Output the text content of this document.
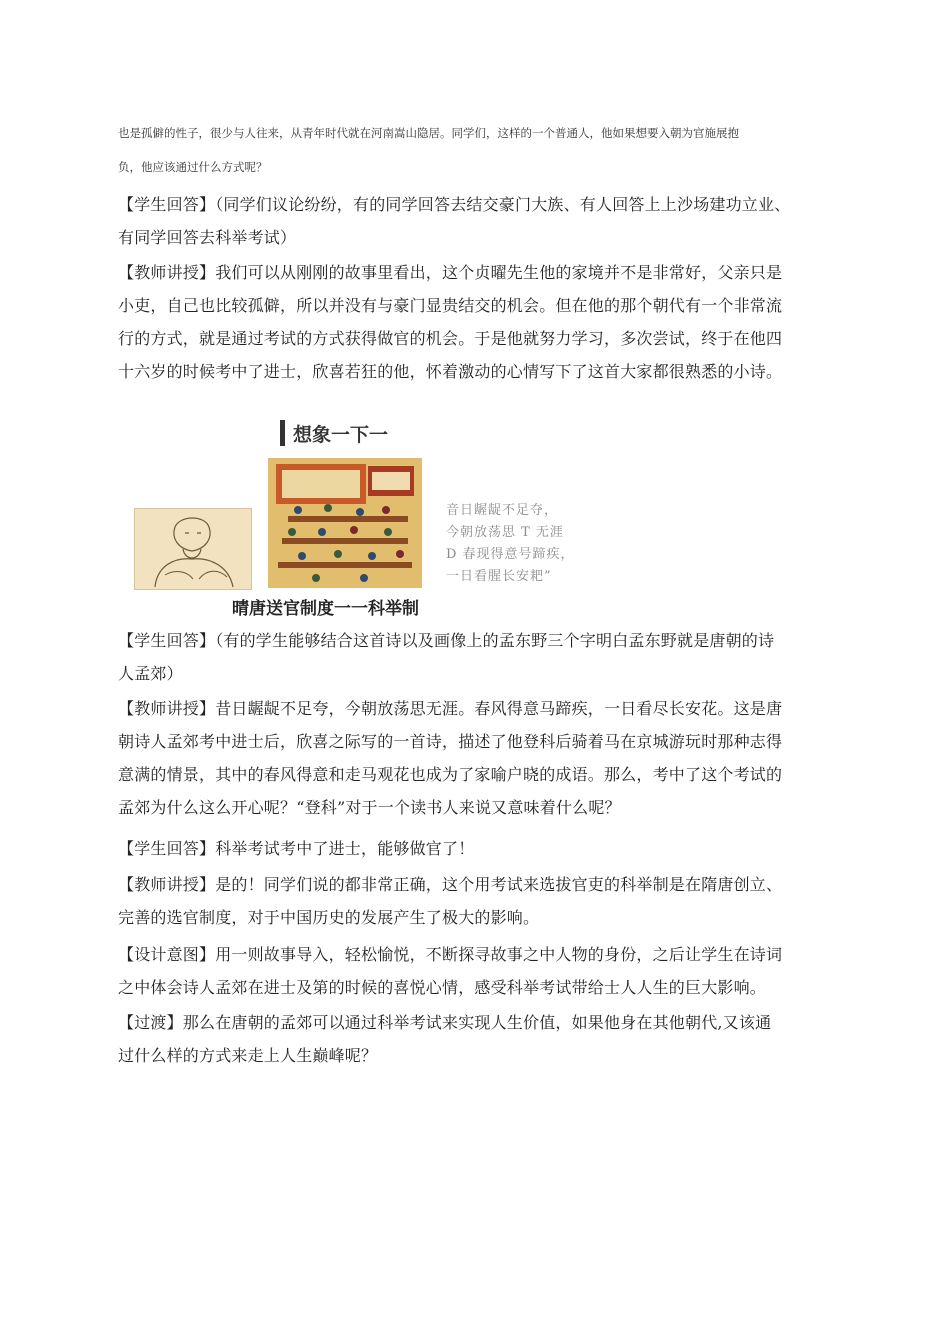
也是孤僻的性子，很少与人往来，从青年时代就在河南嵩山隐居。同学们，这样的一个普通人，他如果想要入朝为官施展抱
负，他应该通过什么方式呢？

【学生回答】（同学们议论纷纷，有的同学回答去结交豪门大族、有人回答上上沙场建功立业、

有同学回答去科举考试）

【教师讲授】我们可以从刚刚的故事里看出，这个贞曜先生他的家境并不是非常好，父亲只是

小吏，自己也比较孤僻，所以并没有与豪门显贵结交的机会。但在他的那个朝代有一个非常流

行的方式，就是通过考试的方式获得做官的机会。于是他就努力学习，多次尝试，终于在他四

十六岁的时候考中了进士，欣喜若狂的他，怀着激动的心情写下了这首大家都很熟悉的小诗。

想象一下一
音日龌龊不足夺，
今朝放荡思 T 无涯
D 春现得意号蹄疾，
一日看腥长安耙”
晴唐送官制度一一科举制

【学生回答】（有的学生能够结合这首诗以及画像上的孟东野三个字明白孟东野就是唐朝的诗

人孟郊）

【教师讲授】昔日龌龊不足夸，今朝放荡思无涯。春风得意马蹄疾，一日看尽长安花。这是唐

朝诗人孟郊考中进士后，欣喜之际写的一首诗，描述了他登科后骑着马在京城游玩时那种志得

意满的情景，其中的春风得意和走马观花也成为了家喻户晓的成语。那么，考中了这个考试的

孟郊为什么这么开心呢？“登科”对于一个读书人来说又意味着什么呢？

【学生回答】科举考试考中了进士，能够做官了！

【教师讲授】是的！同学们说的都非常正确，这个用考试来选拔官吏的科举制是在隋唐创立、

完善的选官制度，对于中国历史的发展产生了极大的影响。

【设计意图】用一则故事导入，轻松愉悦，不断探寻故事之中人物的身份，之后让学生在诗词

之中体会诗人孟郊在进士及第的时候的喜悦心情，感受科举考试带给士人人生的巨大影响。

【过渡】那么在唐朝的孟郊可以通过科举考试来实现人生价值，如果他身在其他朝代,又该通

过什么样的方式来走上人生巅峰呢？
